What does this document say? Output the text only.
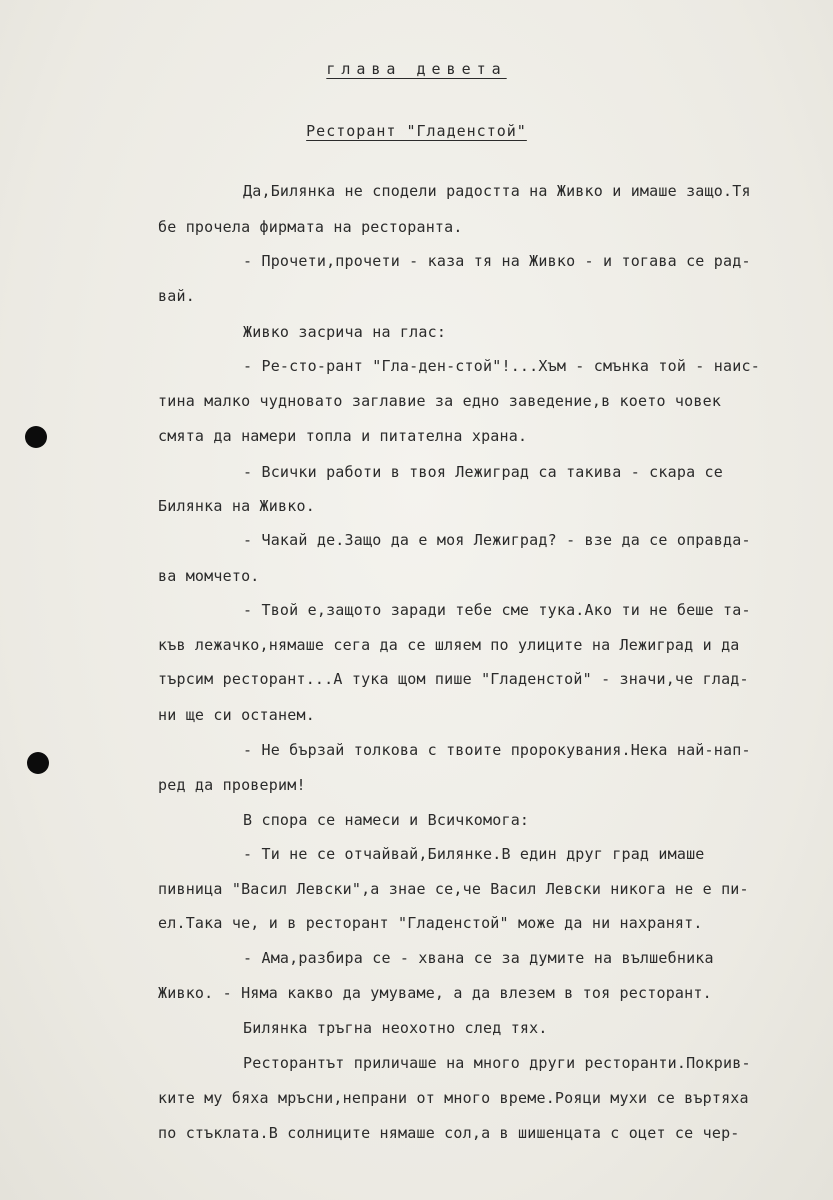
глава девета
Ресторант "Гладенстой"
Да,Билянка не сподели радостта на Живко и имаше защо.Тя
бе прочела фирмата на ресторанта.
- Прочети,прочети - каза тя на Живко - и тогава се рад-
вай.
Живко засрича на глас:
- Ре-сто-рант "Гла-ден-стой"!...Хъм - смънка той - наис-
тина малко чудновато заглавие за едно заведение,в което човек
смята да намери топла и питателна храна.
- Всички работи в твоя Лежиград са такива - скара се
Билянка на Живко.
- Чакай де.Защо да е моя Лежиград? - взе да се оправда-
ва момчето.
- Твой е,защото заради тебе сме тука.Ако ти не беше та-
къв лежачко,нямаше сега да се шляем по улиците на Лежиград и да
търсим ресторант...А тука щом пише "Гладенстой" - значи,че глад-
ни ще си останем.
- Не бързай толкова с твоите пророкувания.Нека най-нап-
ред да проверим!
В спора се намеси и Всичкомога:
- Ти не се отчайвай,Билянке.В един друг град имаше
пивница "Васил Левски",а знае се,че Васил Левски никога не е пи-
ел.Така че, и в ресторант "Гладенстой" може да ни нахранят.
- Ама,разбира се - хвана се за думите на вълшебника
Живко. - Няма какво да умуваме, а да влезем в тоя ресторант.
Билянка тръгна неохотно след тях.
Ресторантът приличаше на много други ресторанти.Покрив-
ките му бяха мръсни,непрани от много време.Рояци мухи се въртяха
по стъклата.В солниците нямаше сол,а в шишенцата с оцет се чер-
